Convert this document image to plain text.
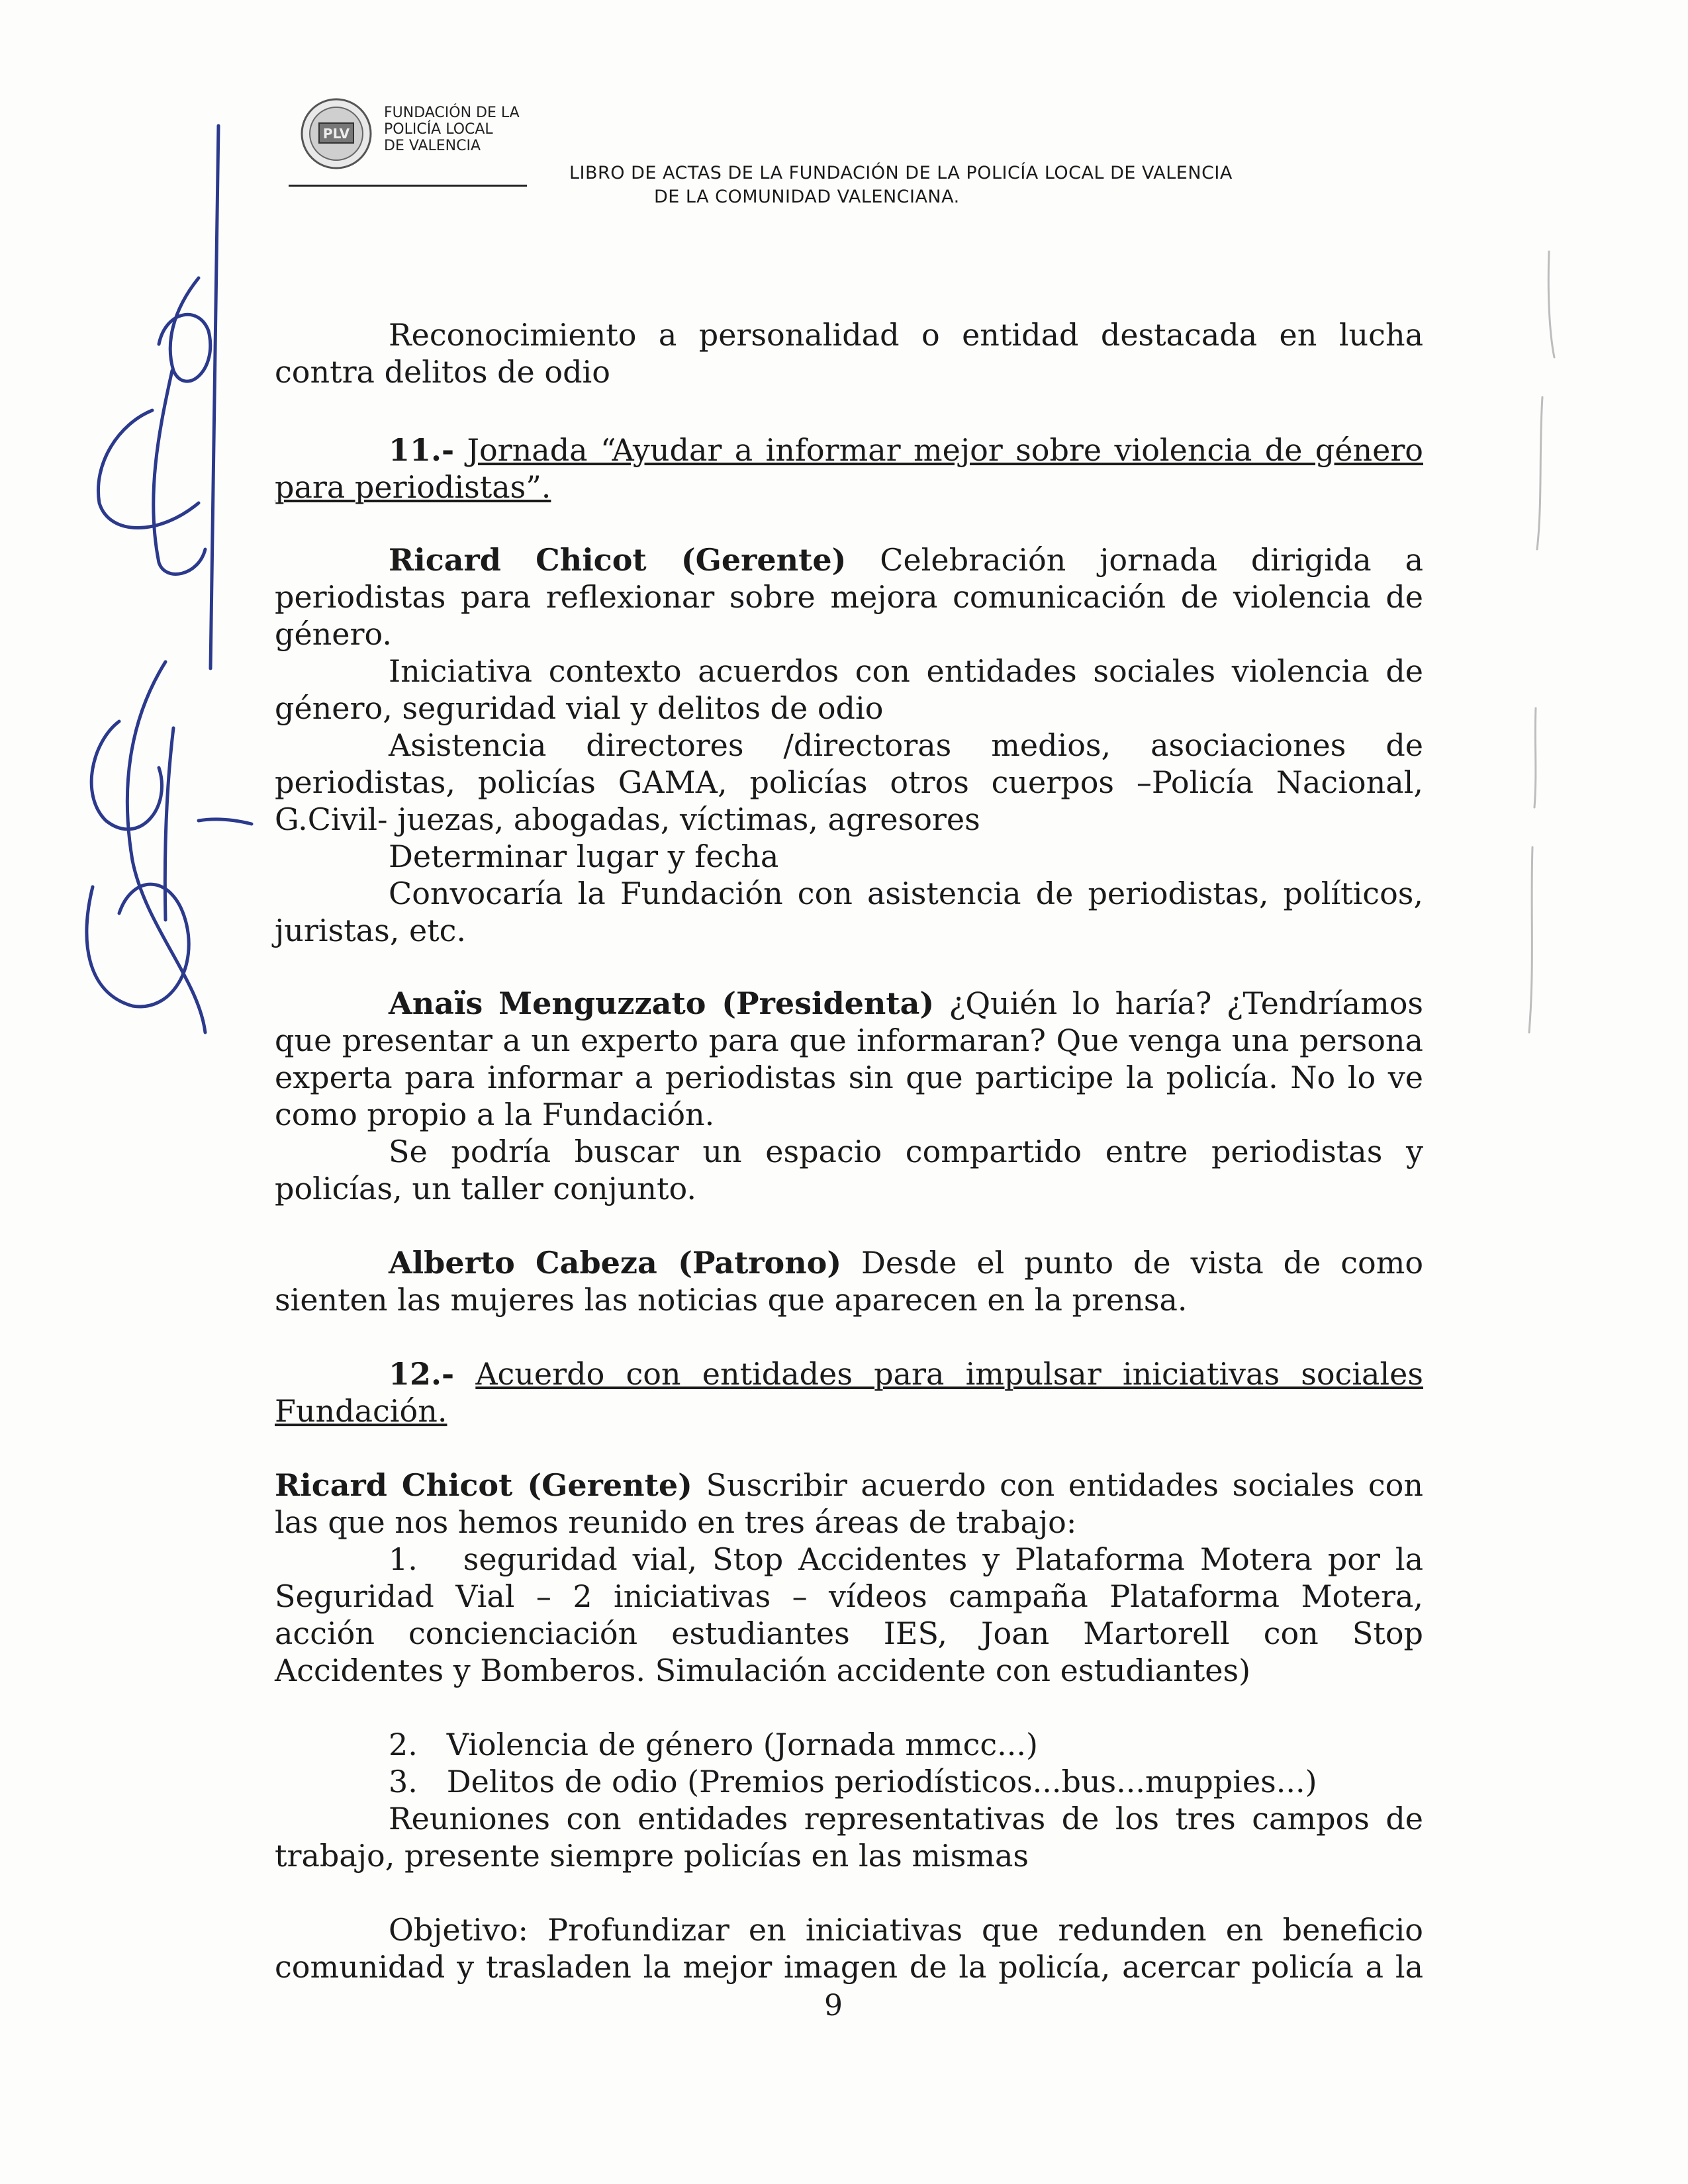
PLV
FUNDACIÓN DE LA
POLICÍA LOCAL
DE VALENCIA
LIBRO DE ACTAS DE LA FUNDACIÓN DE LA POLICÍA LOCAL DE VALENCIA
DE LA COMUNIDAD VALENCIANA.
Reconocimiento a personalidad o entidad destacada en lucha contra delitos de odio
11.- Jornada “Ayudar a informar mejor sobre violencia de género para periodistas”.
Ricard Chicot (Gerente) Celebración jornada dirigida a periodistas para reflexionar sobre mejora comunicación de violencia de género.
Iniciativa contexto acuerdos con entidades sociales violencia de género, seguridad vial y delitos de odio
Asistencia directores /directoras medios, asociaciones de periodistas, policías GAMA, policías otros cuerpos –Policía Nacional, G.Civil- juezas, abogadas, víctimas, agresores
Determinar lugar y fecha
Convocaría la Fundación con asistencia de periodistas, políticos, juristas, etc.
Anaïs Menguzzato (Presidenta) ¿Quién lo haría? ¿Tendríamos que presentar a un experto para que informaran? Que venga una persona experta para informar a periodistas sin que participe la policía. No lo ve como propio a la Fundación.
Se podría buscar un espacio compartido entre periodistas y policías, un taller conjunto.
Alberto Cabeza (Patrono) Desde el punto de vista de como sienten las mujeres las noticias que aparecen en la prensa.
12.- Acuerdo con entidades para impulsar iniciativas sociales Fundación.
Ricard Chicot (Gerente) Suscribir acuerdo con entidades sociales con las que nos hemos reunido en tres áreas de trabajo:
1. seguridad vial, Stop Accidentes y Plataforma Motera por la Seguridad Vial – 2 iniciativas – vídeos campaña Plataforma Motera, acción concienciación estudiantes IES, Joan Martorell con Stop Accidentes y Bomberos. Simulación accidente con estudiantes)
2. Violencia de género (Jornada mmcc...)
3. Delitos de odio (Premios periodísticos...bus...muppies...)
Reuniones con entidades representativas de los tres campos de trabajo, presente siempre policías en las mismas
Objetivo: Profundizar en iniciativas que redunden en beneficio comunidad y trasladen la mejor imagen de la policía, acercar policía a la
9
